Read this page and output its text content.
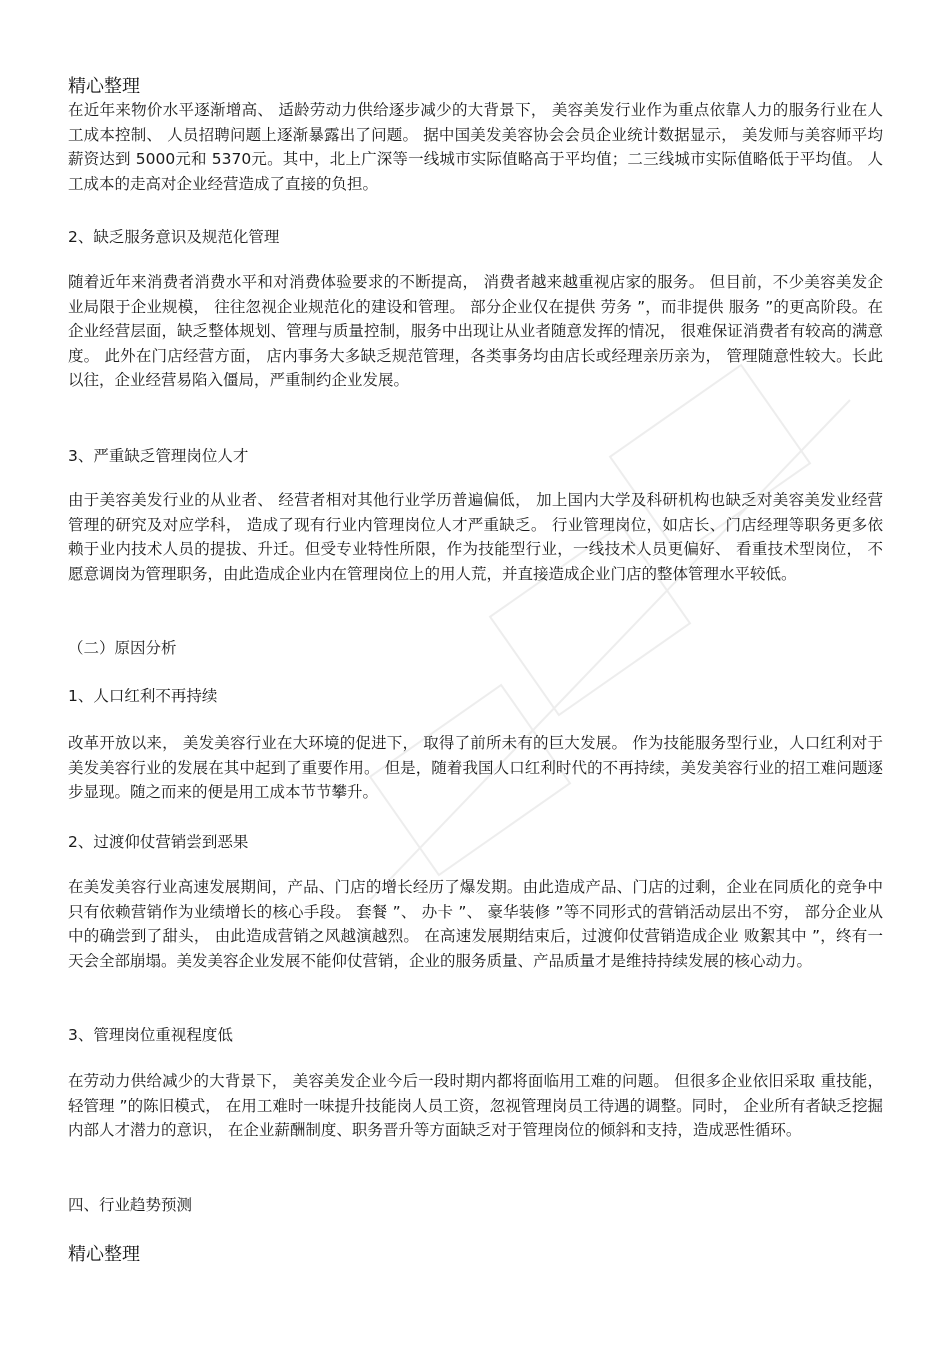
精心整理

在近年来物价水平逐渐增高、 适龄劳动力供给逐步减少的大背景下， 美容美发行业作为重点依靠人力的服务行业在人工成本控制、 人员招聘问题上逐渐暴露出了问题。 据中国美发美容协会会员企业统计数据显示， 美发师与美容师平均薪资达到 5000元和 5370元。其中，北上广深等一线城市实际值略高于平均值；二三线城市实际值略低于平均值。 人工成本的走高对企业经营造成了直接的负担。

2、缺乏服务意识及规范化管理

随着近年来消费者消费水平和对消费体验要求的不断提高， 消费者越来越重视店家的服务。 但目前，不少美容美发企业局限于企业规模， 往往忽视企业规范化的建设和管理。 部分企业仅在提供 劳务 ”，而非提供 服务 ”的更高阶段。在企业经营层面，缺乏整体规划、管理与质量控制，服务中出现让从业者随意发挥的情况， 很难保证消费者有较高的满意度。 此外在门店经营方面， 店内事务大多缺乏规范管理，各类事务均由店长或经理亲历亲为， 管理随意性较大。长此以往，企业经营易陷入僵局，严重制约企业发展。

3、严重缺乏管理岗位人才

由于美容美发行业的从业者、 经营者相对其他行业学历普遍偏低， 加上国内大学及科研机构也缺乏对美容美发业经营管理的研究及对应学科， 造成了现有行业内管理岗位人才严重缺乏。 行业管理岗位，如店长、门店经理等职务更多依赖于业内技术人员的提拔、升迁。但受专业特性所限，作为技能型行业，一线技术人员更偏好、 看重技术型岗位， 不愿意调岗为管理职务，由此造成企业内在管理岗位上的用人荒，并直接造成企业门店的整体管理水平较低。

（二）原因分析

1、人口红利不再持续

改革开放以来， 美发美容行业在大环境的促进下， 取得了前所未有的巨大发展。 作为技能服务型行业，人口红利对于美发美容行业的发展在其中起到了重要作用。 但是，随着我国人口红利时代的不再持续，美发美容行业的招工难问题逐步显现。随之而来的便是用工成本节节攀升。

2、过渡仰仗营销尝到恶果

在美发美容行业高速发展期间，产品、门店的增长经历了爆发期。由此造成产品、门店的过剩，企业在同质化的竞争中只有依赖营销作为业绩增长的核心手段。 套餐 ”、 办卡 ”、 豪华装修 ”等不同形式的营销活动层出不穷， 部分企业从中的确尝到了甜头， 由此造成营销之风越演越烈。 在高速发展期结束后，过渡仰仗营销造成企业 败絮其中 ”，终有一天会全部崩塌。美发美容企业发展不能仰仗营销，企业的服务质量、产品质量才是维持持续发展的核心动力。

3、管理岗位重视程度低

在劳动力供给减少的大背景下， 美容美发企业今后一段时期内都将面临用工难的问题。 但很多企业依旧采取 重技能，轻管理 ”的陈旧模式， 在用工难时一味提升技能岗人员工资，忽视管理岗员工待遇的调整。同时， 企业所有者缺乏挖掘内部人才潜力的意识， 在企业薪酬制度、职务晋升等方面缺乏对于管理岗位的倾斜和支持，造成恶性循环。

四、行业趋势预测

精心整理
